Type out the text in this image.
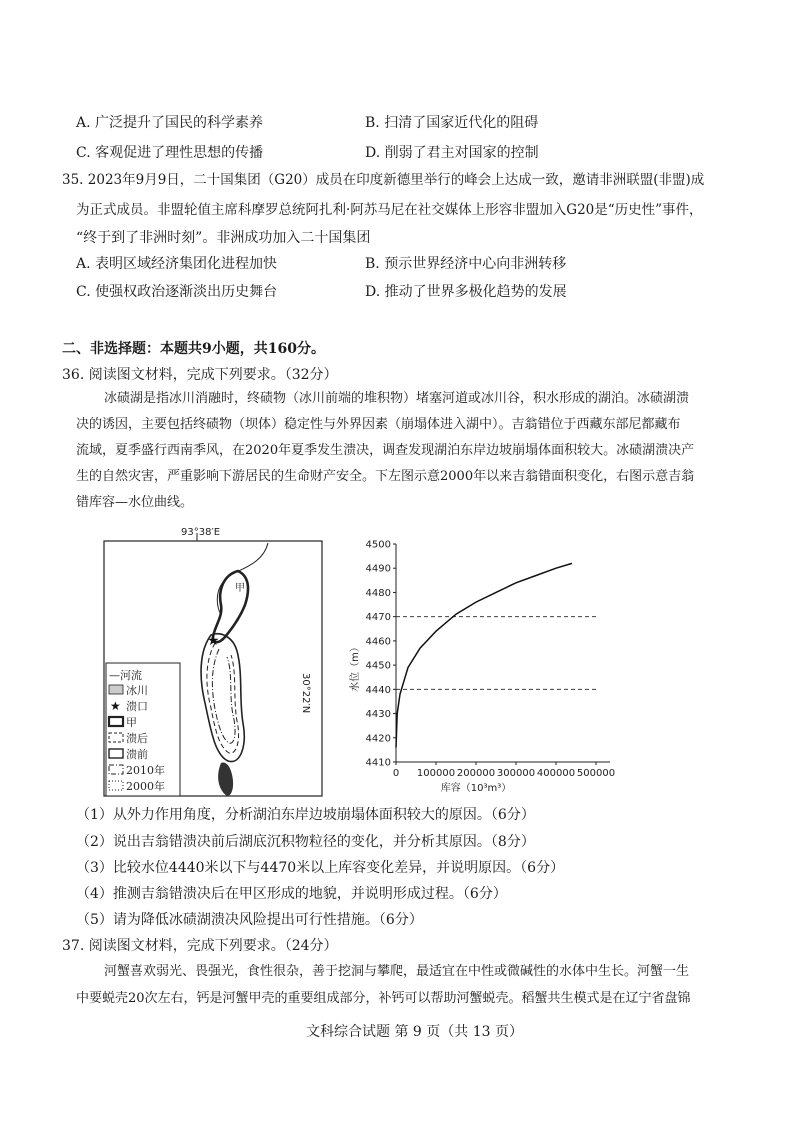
A. 广泛提升了国民的科学素养	B. 扫清了国家近代化的阻碍
C. 客观促进了理性思想的传播	D. 削弱了君主对国家的控制
35. 2023年9月9日，二十国集团（G20）成员在印度新德里举行的峰会上达成一致，邀请非洲联盟(非盟)成
为正式成员。非盟轮值主席科摩罗总统阿扎利·阿苏马尼在社交媒体上形容非盟加入G20是“历史性”事件，
“终于到了非洲时刻”。非洲成功加入二十国集团
A. 表明区域经济集团化进程加快	B. 预示世界经济中心向非洲转移
C. 使强权政治逐渐淡出历史舞台	D. 推动了世界多极化趋势的发展
二、非选择题：本题共9小题，共160分。
36. 阅读图文材料，完成下列要求。（32分）
冰碛湖是指冰川消融时，终碛物（冰川前端的堆积物）堵塞河道或冰川谷，积水形成的湖泊。冰碛湖溃
决的诱因，主要包括终碛物（坝体）稳定性与外界因素（崩塌体进入湖中）。吉翁错位于西藏东部尼都藏布
流域，夏季盛行西南季风，在2020年夏季发生溃决，调查发现湖泊东岸边坡崩塌体面积较大。冰碛湖溃决产
生的自然灾害，严重影响下游居民的生命财产安全。下左图示意2000年以来吉翁错面积变化，右图示意吉翁
错库容—水位曲线。
93°38′E
30°22′N
甲
★
—河流
冰川
★ 溃口
甲
溃后
溃前
2010年
2000年
4410
4420
4430
4440
4450
4460
4470
4480
4490
4500
0 100000 200000 300000 400000 500000
水位（m）
库容（10³m³）
（1）从外力作用角度，分析湖泊东岸边坡崩塌体面积较大的原因。（6分）
（2）说出吉翁错溃决前后湖底沉积物粒径的变化，并分析其原因。（8分）
（3）比较水位4440米以下与4470米以上库容变化差异，并说明原因。（6分）
（4）推测吉翁错溃决后在甲区形成的地貌，并说明形成过程。（6分）
（5）请为降低冰碛湖溃决风险提出可行性措施。（6分）
37. 阅读图文材料，完成下列要求。（24分）
河蟹喜欢弱光、畏强光，食性很杂，善于挖洞与攀爬，最适宜在中性或微碱性的水体中生长。河蟹一生
中要蜕壳20次左右，钙是河蟹甲壳的重要组成部分，补钙可以帮助河蟹蜕壳。稻蟹共生模式是在辽宁省盘锦
文科综合试题 第 9 页（共 13 页）
